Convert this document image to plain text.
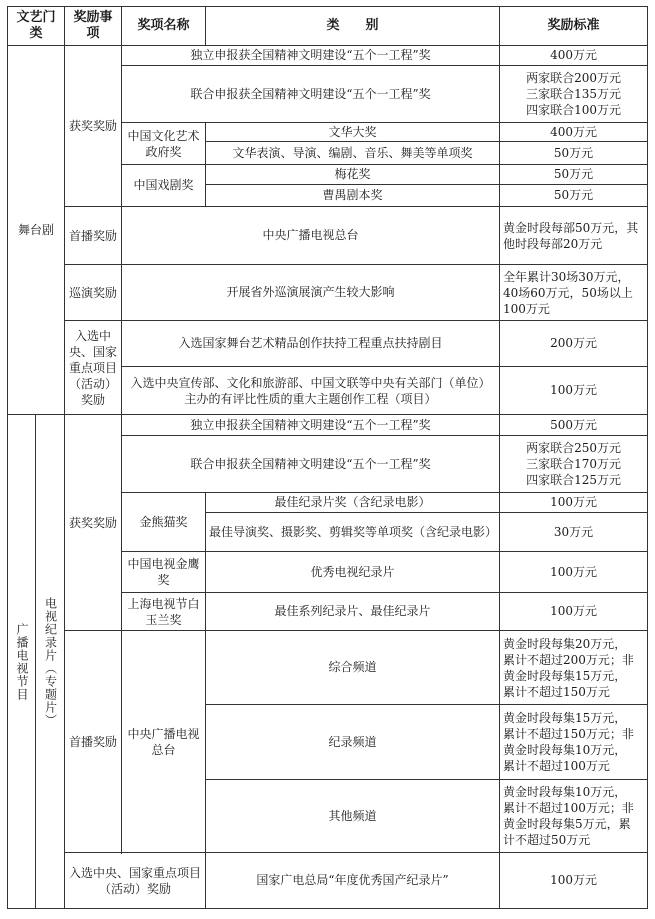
文艺门类		奖励事项	奖项名称	类　　别	奖励标准
舞台剧		获奖奖励	独立申报获全国精神文明建设“五个一工程”奖		400万元
			联合申报获全国精神文明建设“五个一工程”奖		两家联合200万元
三家联合135万元
四家联合100万元

			中国文化艺术政府奖	文华大奖	400万元
				文华表演、导演、编剧、音乐、舞美等单项奖	50万元
			中国戏剧奖	梅花奖	50万元
				曹禺剧本奖	50万元

		首播奖励	中央广播电视总台		黄金时段每部50万元，其他时段每部20万元
		巡演奖励	开展省外巡演展演产生较大影响		全年累计30场30万元，40场60万元，50场以上100万元
		入选中央、国家重点项目（活动）奖励	入选国家舞台艺术精品创作扶持工程重点扶持剧目		200万元
			入选中央宣传部、文化和旅游部、中国文联等中央有关部门（单位）主办的有评比性质的重大主题创作工程（项目）		100万元

广播电视节目	电视纪录片（专题片）	获奖奖励	独立申报获全国精神文明建设“五个一工程”奖		500万元
			联合申报获全国精神文明建设“五个一工程”奖		两家联合250万元
三家联合170万元
四家联合125万元

			金熊猫奖	最佳纪录片奖（含纪录电影）	100万元
				最佳导演奖、摄影奖、剪辑奖等单项奖（含纪录电影）	30万元
			中国电视金鹰奖	优秀电视纪录片	100万元
			上海电视节白玉兰奖	最佳系列纪录片、最佳纪录片	100万元
		首播奖励	中央广播电视总台	综合频道	黄金时段每集20万元，
累计不超过200万元；非
黄金时段每集15万元，
累计不超过150万元

				纪录频道	黄金时段每集15万元，
累计不超过150万元；非
黄金时段每集10万元，
累计不超过100万元

				其他频道	黄金时段每集10万元，
累计不超过100万元；非
黄金时段每集5万元，累
计不超过50万元

		入选中央、国家重点项目（活动）奖励		国家广电总局“年度优秀国产纪录片”	100万元
